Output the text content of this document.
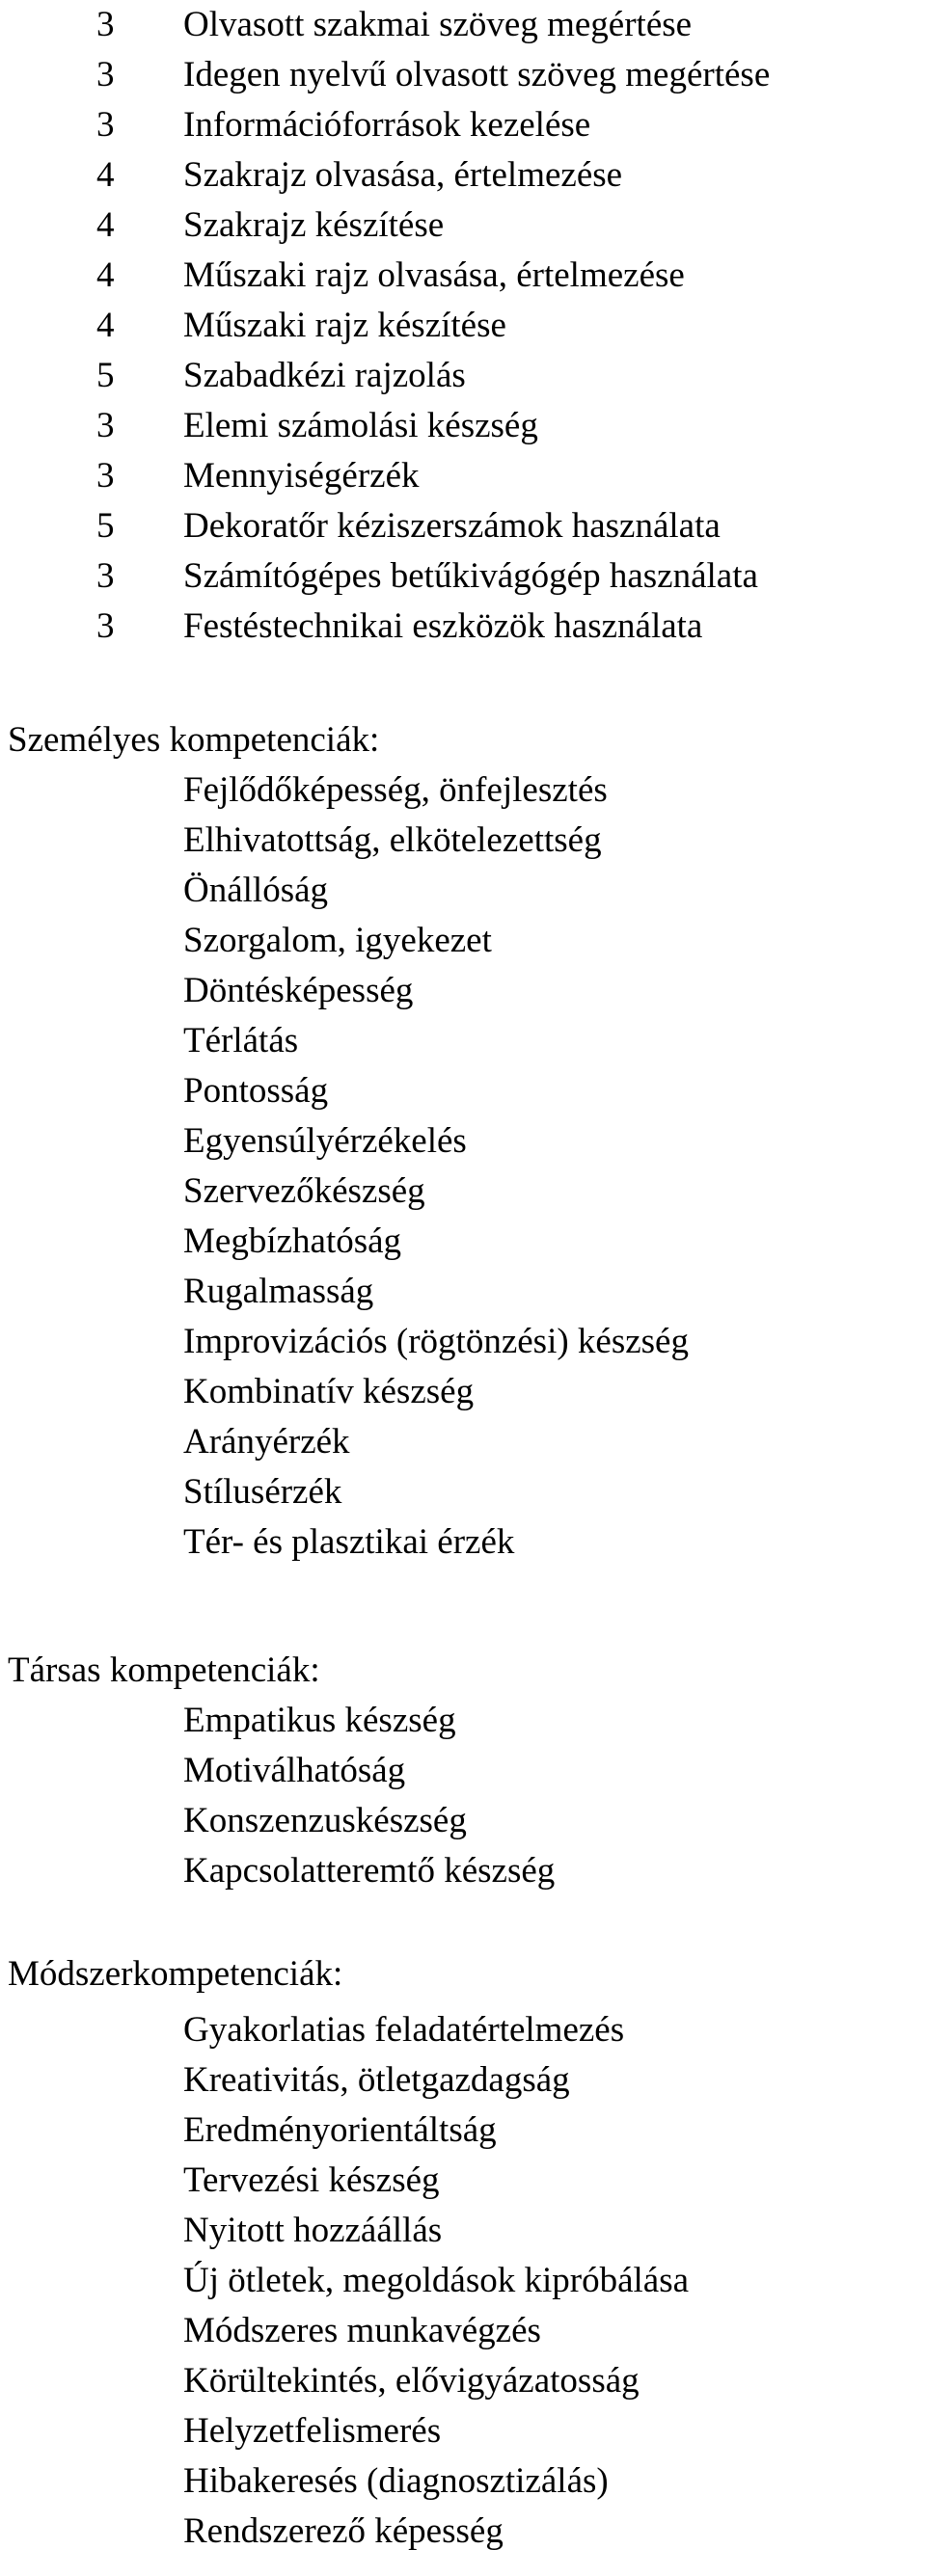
3 Olvasott szakmai szöveg megértése
3 Idegen nyelvű olvasott szöveg megértése
3 Információforrások kezelése
4 Szakrajz olvasása, értelmezése
4 Szakrajz készítése
4 Műszaki rajz olvasása, értelmezése
4 Műszaki rajz készítése
5 Szabadkézi rajzolás
3 Elemi számolási készség
3 Mennyiségérzék
5 Dekoratőr kéziszerszámok használata
3 Számítógépes betűkivágógép használata
3 Festéstechnikai eszközök használata
Személyes kompetenciák:
Fejlődőképesség, önfejlesztés
Elhivatottság, elkötelezettség
Önállóság
Szorgalom, igyekezet
Döntésképesség
Térlátás
Pontosság
Egyensúlyérzékelés
Szervezőkészség
Megbízhatóság
Rugalmasság
Improvizációs (rögtönzési) készség
Kombinatív készség
Arányérzék
Stílusérzék
Tér- és plasztikai érzék
Társas kompetenciák:
Empatikus készség
Motiválhatóság
Konszenzuskészség
Kapcsolatteremtő készség
Módszerkompetenciák:
Gyakorlatias feladatértelmezés
Kreativitás, ötletgazdagság
Eredményorientáltság
Tervezési készség
Nyitott hozzáállás
Új ötletek, megoldások kipróbálása
Módszeres munkavégzés
Körültekintés, elővigyázatosság
Helyzetfelismerés
Hibakeresés (diagnosztizálás)
Rendszerező képesség
